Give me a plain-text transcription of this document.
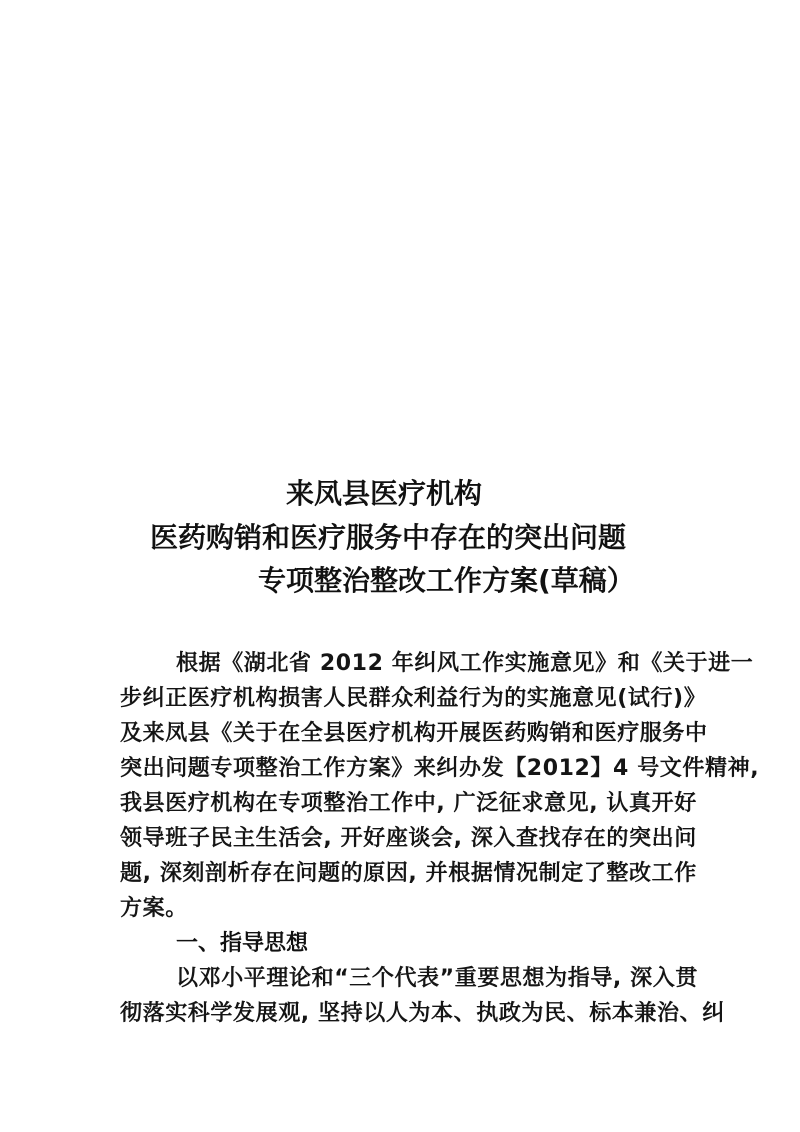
来凤县医疗机构
医药购销和医疗服务中存在的突出问题
专项整治整改工作方案(草稿）
根据《湖北省 2012 年纠风工作实施意见》和《关于进一
步纠正医疗机构损害人民群众利益行为的实施意见(试行)》
及来凤县《关于在全县医疗机构开展医药购销和医疗服务中
突出问题专项整治工作方案》来纠办发【2012】4 号文件精神,
我县医疗机构在专项整治工作中, 广泛征求意见, 认真开好
领导班子民主生活会, 开好座谈会, 深入查找存在的突出问
题, 深刻剖析存在问题的原因, 并根据情况制定了整改工作
方案。
一、指导思想
以邓小平理论和“三个代表”重要思想为指导, 深入贯
彻落实科学发展观, 坚持以人为本、执政为民、标本兼治、纠
